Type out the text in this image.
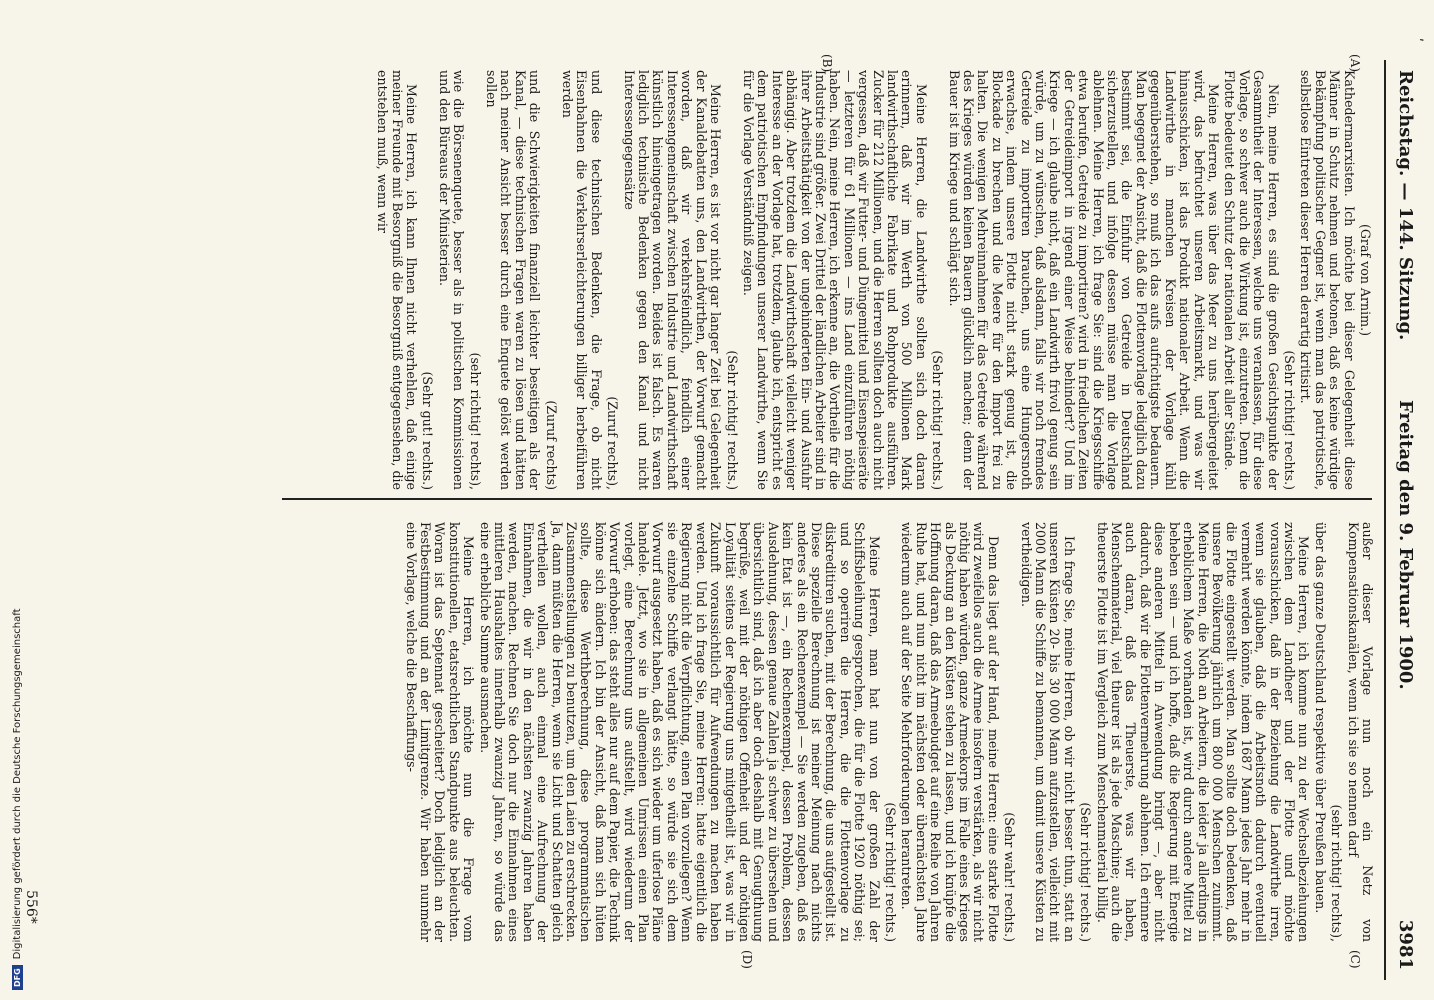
ʹ
Reichstag. — 144. Sitzung.
Freitag den 9. Februar 1900.
3981
(A)
(B)
(C)
(D)

(Graf von Arnim.)

Kathedermarxisten. Ich möchte bei dieser Gelegenheit diese Männer in Schutz nehmen und betonen, daß es keine würdige Bekämpfung politischer Gegner ist, wenn man das patriotische, selbstlose Eintreten dieser Herren derartig kritisirt.

(Sehr richtig! rechts.)

Nein, meine Herren, es sind die großen Gesichtspunkte der Gesammtheit der Interessen, welche uns veranlassen, für diese Vorlage, so schwer auch die Wirkung ist, einzutreten. Denn die Flotte bedeutet den Schutz der nationalen Arbeit aller Stände.

Meine Herren, was über das Meer zu uns herübergeleitet wird, das befruchtet unseren Arbeitsmarkt, und was wir hinausschicken, ist das Produkt nationaler Arbeit. Wenn die Landwirthe in manchen Kreisen der Vorlage kühl gegenüberstehen, so muß ich das aufs aufrichtigste bedauern. Man begegnet der Ansicht, daß die Flottenvorlage lediglich dazu bestimmt sei, die Einfuhr von Getreide in Deutschland sicherzustellen, und infolge dessen müsse man die Vorlage ablehnen. Meine Herren, ich frage Sie: sind die Kriegsschiffe etwa berufen, Getreide zu importiren? wird in friedlichen Zeiten der Getreideimport in irgend einer Weise behindert? Und im Kriege — ich glaube nicht, daß ein Landwirth frivol genug sein würde, um zu wünschen, daß alsdann, falls wir noch fremdes Getreide zu importiren brauchen, uns eine Hungersnoth erwachse, indem unsere Flotte nicht stark genug ist, die Blockade zu brechen und die Meere für den Import frei zu halten. Die wenigen Mehreinnahmen für das Getreide während des Krieges würden keinen Bauern glücklich machen; denn der Bauer ist im Kriege und schlägt sich.

(Sehr richtig! rechts.)

Meine Herren, die Landwirthe sollten sich doch daran erinnern, daß wir im Werth von 500 Millionen Mark landwirthschaftliche Fabrikate und Rohprodukte ausführen. Zucker für 212 Millionen, und die Herren sollten doch auch nicht vergessen, daß wir Futter- und Düngemittel und Eisenspeiseräte — letzteren für 61 Millionen — ins Land einzuführen nöthig haben. Nein, meine Herren, ich erkenne an, die Vortheile für die Industrie sind größer. Zwei Drittel der ländlichen Arbeiter sind in ihrer Arbeitsthätigkeit von der ungehinderten Ein- und Ausfuhr abhängig. Aber trotzdem die Landwirthschaft vielleicht weniger Interesse an der Vorlage hat, trotzdem, glaube ich, entspricht es dem patriotischen Empfindungen unserer Landwirthe, wenn Sie für die Vorlage Verständniß zeigen.

(Sehr richtig! rechts.)

Meine Herren, es ist vor nicht gar langer Zeit bei Gelegenheit der Kanaldebatten uns, den Landwirthen, der Vorwurf gemacht worden, daß wir verkehrsfeindlich, feindlich einer Interessengemeinschaft zwischen Industrie und Landwirthschaft künstlich hineingetragen worden. Beides ist falsch. Es waren lediglich technische Bedenken gegen den Kanal und nicht Interessengegensätze

(Zuruf rechts),

und diese technischen Bedenken, die Frage, ob nicht Eisenbahnen die Verkehrserleichterungen billiger herbeiführen werden

(Zuruf rechts)

und die Schwierigkeiten finanziell leichter beseitigen als der Kanal, — diese technischen Fragen waren zu lösen und hätten nach meiner Ansicht besser durch eine Enquete gelöst werden sollen

(sehr richtig! rechts),

wie die Börsenenquete, besser als in politischen Kommissionen und den Büreaus der Ministerien.

(Sehr gut! rechts.)

Meine Herren, ich kann Ihnen nicht verhehlen, daß einige meiner Freunde mit Besorgniß die Besorgniß entgegensehen, die entstehen muß, wenn wir

außer dieser Vorlage nun noch ein Netz von Kompensationskanälen, wenn ich sie so nennen darf

(sehr richtig! rechts),

über das ganze Deutschland respektive über Preußen bauen.

Meine Herren, ich komme nun zu der Wechselbeziehungen zwischen dem Landheer und der Flotte und möchte vorausschicken, daß in der Beziehung die Landwirthe irren, wenn sie glauben, daß die Arbeitsnoth dadurch eventuell vermehrt werden könnte, indem 1687 Mann jedes Jahr mehr in die Flotte eingestellt werden. Man sollte doch bedenken, daß unsere Bevölkerung jährlich um 800 000 Menschen zunimmt. Meine Herren, die Noth an Arbeitern, die leider ja allerdings in erheblichem Maße vorhanden ist, wird durch andere Mittel zu beheben sein — und ich hoffe, daß die Regierung mit Energie diese anderen Mittel in Anwendung bringt —, aber nicht dadurch, daß wir die Flottenvermehrung ablehnen. Ich erinnere auch daran, daß das Theuerste, was wir haben, Menschenmaterial, viel theurer ist als jede Maschine; auch die theuerste Flotte ist im Vergleich zum Menschenmaterial billig.

(Sehr richtig! rechts.)

Ich frage Sie, meine Herren, ob wir nicht besser thun, statt an unseren Küsten 20- bis 30 000 Mann aufzustellen, vielleicht mit 2000 Mann die Schiffe zu bemannen, um damit unsere Küsten zu vertheidigen.

(Sehr wahr! rechts.)

Denn das liegt auf der Hand, meine Herren: eine starke Flotte wird zweifellos auch die Armee insofern verstärken, als wir nicht nöthig haben würden, ganze Armeekorps im Falle eines Krieges als Deckung an den Küsten stehen zu lassen, und ich knüpfe die Hoffnung daran, daß das Armeebudget auf eine Reihe von Jahren Ruhe hat, und nun nicht im nächsten oder übernächsten Jahre wiederum auch auf der Seite Mehrforderungen herantreten.

(Sehr richtig! rechts.)

Meine Herren, man hat nun von der großen Zahl der Schiffsbeleihung gesprochen, die für die Flotte 1920 nöthig sei; und so operiren die Herren, die die Flottenvorlage zu diskreditiren suchen, mit der Berechnung, die uns aufgestellt ist. Diese spezielle Berechnung ist meiner Meinung nach nichts anderes als ein Rechenexempel — Sie werden zugeben, daß es kein Etat ist —, ein Rechenexempel, dessen Problem, dessen Ausdehnung, dessen genaue Zahlen ja schwer zu übersehen und übersichtlich sind, daß ich aber doch deshalb mit Genugthuung begrüße, weil mit der nöthigen Offenheit und der nöthigen Loyalität seitens der Regierung uns mitgetheilt ist, was wir in Zukunft voraussichtlich für Aufwendungen zu machen haben werden. Und ich frage Sie, meine Herren: hatte eigentlich die Regierung nicht die Verpflichtung, einen Plan vorzulegen? Wenn sie einzelne Schiffe verlangt hätte, so würde sie sich dem Vorwurf ausgesetzt haben, daß es sich wieder um uferlose Pläne handele. Jetzt, wo sie in allgemeinen Umrissen einen Plan vorlegt, eine Berechnung uns aufstellt, wird wiederum der Vorwurf erhoben: das steht alles nur auf dem Papier, die Technik könne sich ändern. Ich bin der Ansicht, daß man sich hüten sollte, diese Werthberechnung, diese programmatischen Zusammenstellungen zu benutzen, um den Laien zu erschrecken. Ja, dann müßten die Herren, wenn sie Licht und Schatten gleich vertheilen wollen, auch einmal eine Aufrechnung der Einnahmen, die wir in den nächsten zwanzig Jahren haben werden, machen. Rechnen Sie doch nur die Einnahmen eines mittleren Haushaltes innerhalb zwanzig Jahren, so würde das eine erhebliche Summe ausmachen.

Meine Herren, ich möchte nun die Frage vom konstitutionellen, etatsrechtlichen Standpunkte aus beleuchten. Woran ist das Septennat gescheitert? Doch lediglich an der Festbestimmung und an der Limitgrenze. Wir haben nunmehr eine Vorlage, welche die Beschaffungs-

556*
DFG
Digitalisierung gefördert durch die Deutsche Forschungsgemeinschaft
